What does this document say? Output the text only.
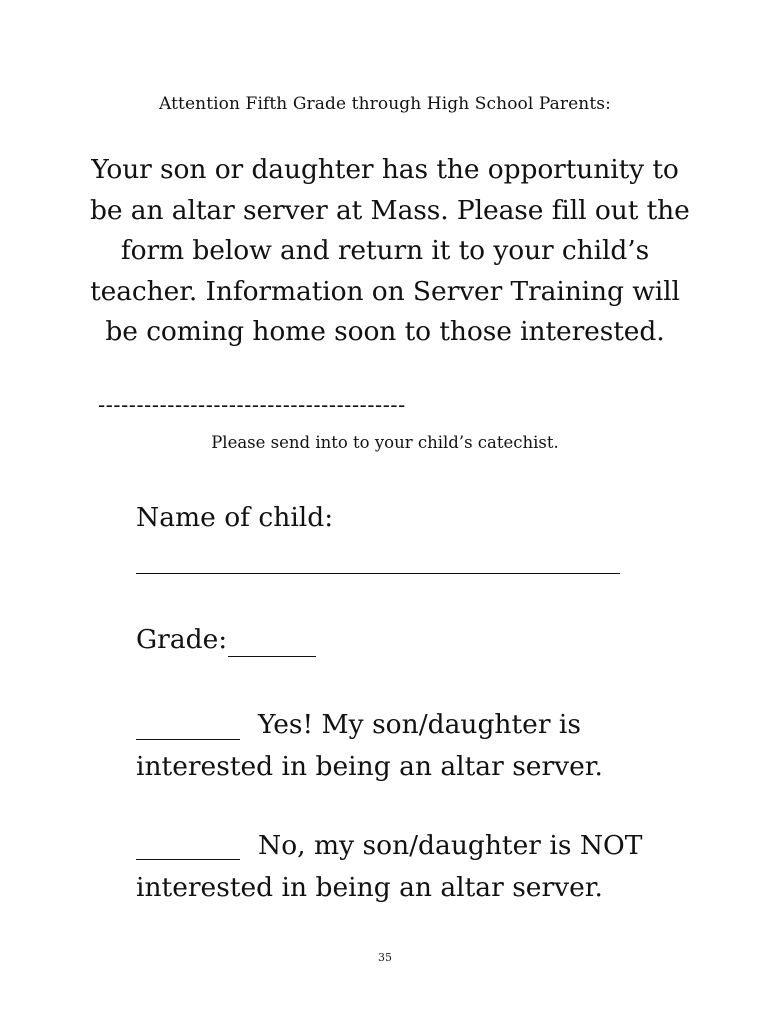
Attention Fifth Grade through High School Parents:
Your son or daughter has the opportunity to
be an altar server at Mass. Please fill out the
form below and return it to your child’s
teacher. Information on Server Training will
be coming home soon to those interested.
----------------------------------------
Please send into to your child’s catechist.
Name of child:
Grade:
Yes! My son/daughter is
interested in being an altar server.
No, my son/daughter is NOT
interested in being an altar server.
35
